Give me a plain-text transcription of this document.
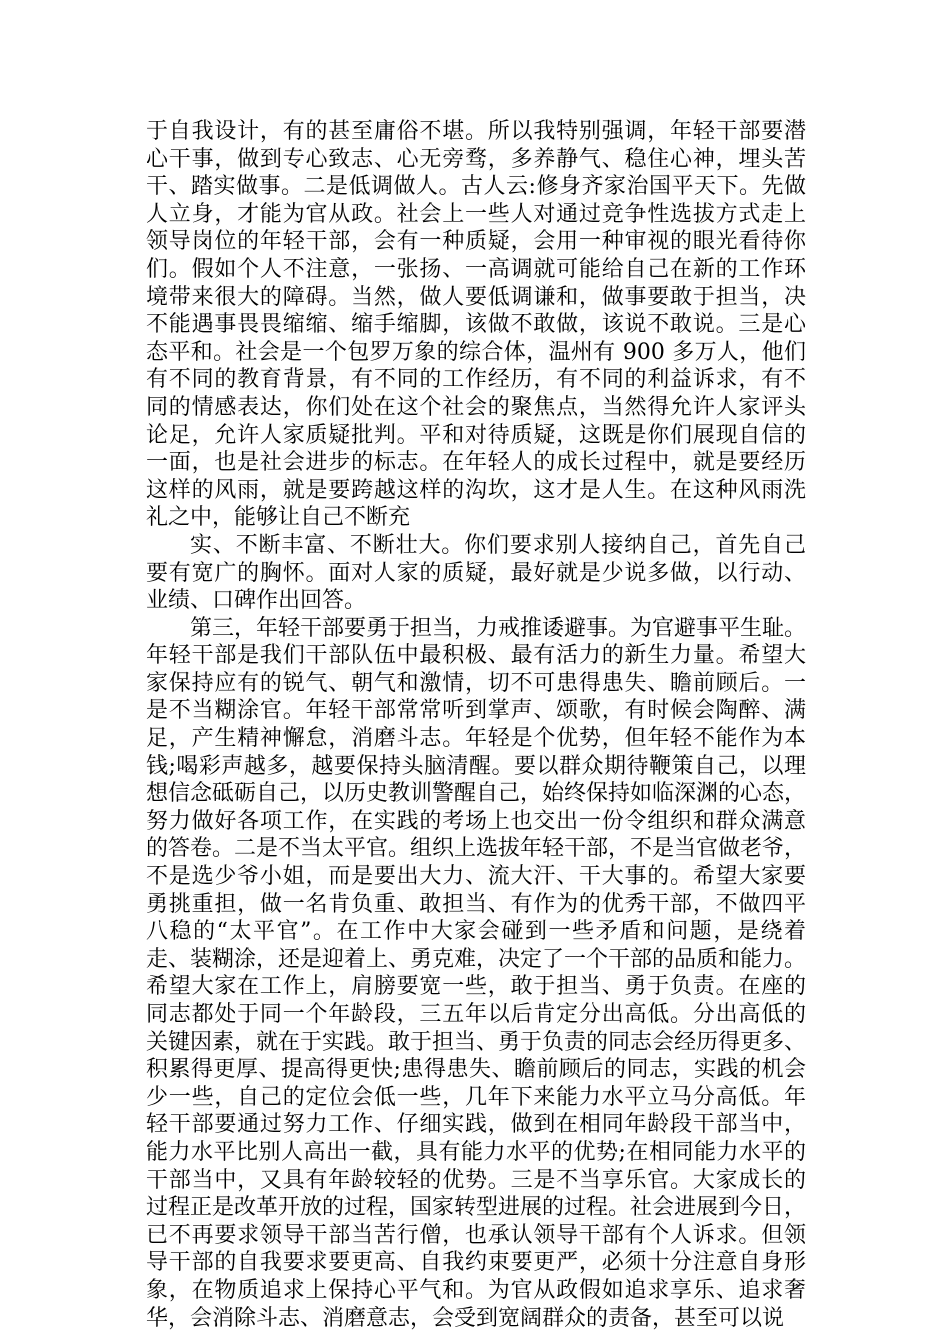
于自我设计，有的甚至庸俗不堪。所以我特别强调，年轻干部要潜
心干事，做到专心致志、心无旁骛，多养静气、稳住心神，埋头苦
干、踏实做事。二是低调做人。古人云:修身齐家治国平天下。先做
人立身，才能为官从政。社会上一些人对通过竞争性选拔方式走上
领导岗位的年轻干部，会有一种质疑，会用一种审视的眼光看待你
们。假如个人不注意，一张扬、一高调就可能给自己在新的工作环
境带来很大的障碍。当然，做人要低调谦和，做事要敢于担当，决
不能遇事畏畏缩缩、缩手缩脚，该做不敢做，该说不敢说。三是心
态平和。社会是一个包罗万象的综合体，温州有 900 多万人，他们
有不同的教育背景，有不同的工作经历，有不同的利益诉求，有不
同的情感表达，你们处在这个社会的聚焦点，当然得允许人家评头
论足，允许人家质疑批判。平和对待质疑，这既是你们展现自信的
一面，也是社会进步的标志。在年轻人的成长过程中，就是要经历
这样的风雨，就是要跨越这样的沟坎，这才是人生。在这种风雨洗
礼之中，能够让自己不断充
实、不断丰富、不断壮大。你们要求别人接纳自己，首先自己
要有宽广的胸怀。面对人家的质疑，最好就是少说多做，以行动、
业绩、口碑作出回答。
第三，年轻干部要勇于担当，力戒推诿避事。为官避事平生耻。
年轻干部是我们干部队伍中最积极、最有活力的新生力量。希望大
家保持应有的锐气、朝气和激情，切不可患得患失、瞻前顾后。一
是不当糊涂官。年轻干部常常听到掌声、颂歌，有时候会陶醉、满
足，产生精神懈怠，消磨斗志。年轻是个优势，但年轻不能作为本
钱;喝彩声越多，越要保持头脑清醒。要以群众期待鞭策自己，以理
想信念砥砺自己，以历史教训警醒自己，始终保持如临深渊的心态，
努力做好各项工作，在实践的考场上也交出一份令组织和群众满意
的答卷。二是不当太平官。组织上选拔年轻干部，不是当官做老爷，
不是选少爷小姐，而是要出大力、流大汗、干大事的。希望大家要
勇挑重担，做一名肯负重、敢担当、有作为的优秀干部，不做四平
八稳的“太平官”。在工作中大家会碰到一些矛盾和问题，是绕着
走、装糊涂，还是迎着上、勇克难，决定了一个干部的品质和能力。
希望大家在工作上，肩膀要宽一些，敢于担当、勇于负责。在座的
同志都处于同一个年龄段，三五年以后肯定分出高低。分出高低的
关键因素，就在于实践。敢于担当、勇于负责的同志会经历得更多、
积累得更厚、提高得更快;患得患失、瞻前顾后的同志，实践的机会
少一些，自己的定位会低一些，几年下来能力水平立马分高低。年
轻干部要通过努力工作、仔细实践，做到在相同年龄段干部当中，
能力水平比别人高出一截，具有能力水平的优势;在相同能力水平的
干部当中，又具有年龄较轻的优势。三是不当享乐官。大家成长的
过程正是改革开放的过程，国家转型进展的过程。社会进展到今日，
已不再要求领导干部当苦行僧，也承认领导干部有个人诉求。但领
导干部的自我要求要更高、自我约束要更严，必须十分注意自身形
象，在物质追求上保持心平气和。为官从政假如追求享乐、追求奢
华，会消除斗志、消磨意志，会受到宽阔群众的责备，甚至可以说
